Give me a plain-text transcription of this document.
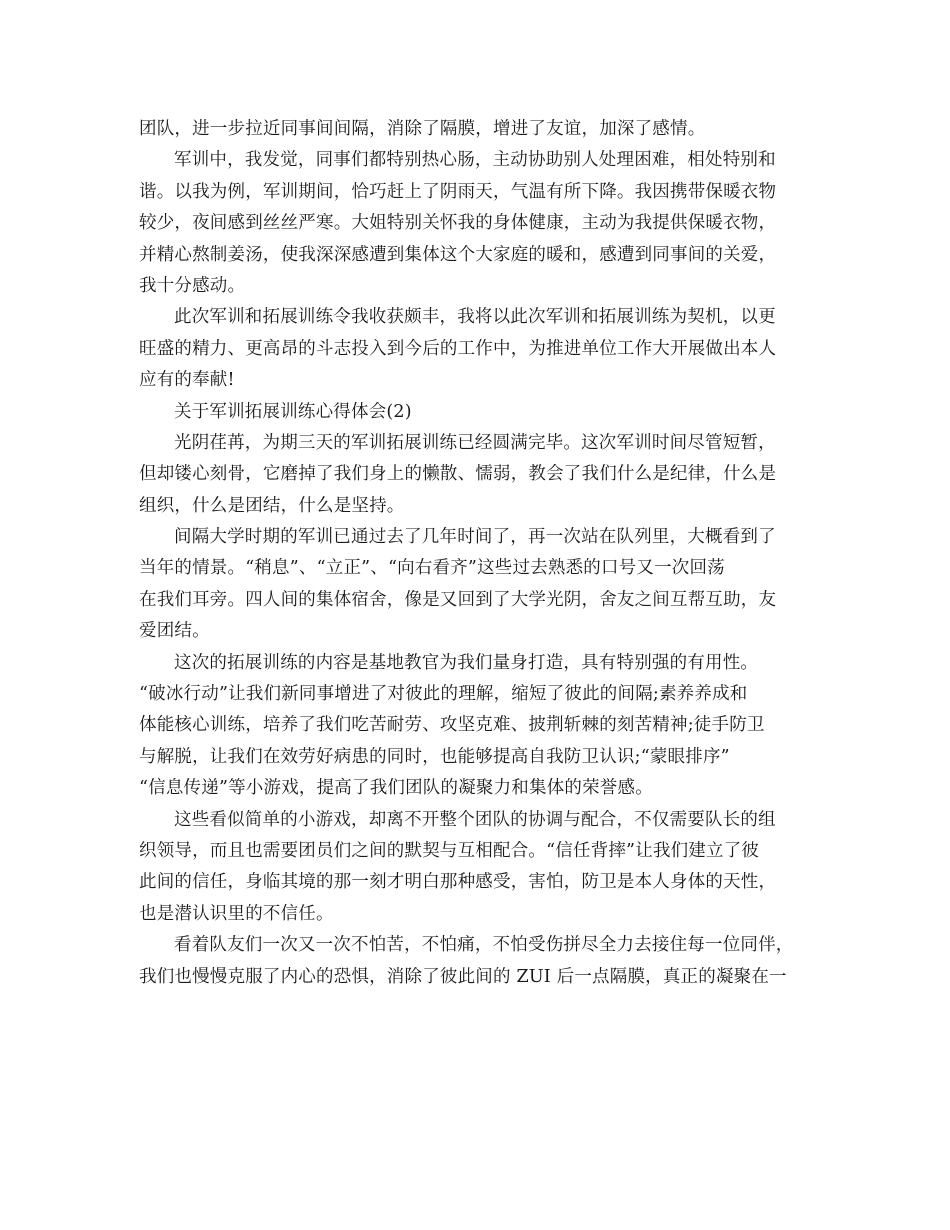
团队，进一步拉近同事间间隔，消除了隔膜，增进了友谊，加深了感情。
军训中，我发觉，同事们都特别热心肠，主动协助别人处理困难，相处特别和
谐。以我为例，军训期间，恰巧赶上了阴雨天，气温有所下降。我因携带保暖衣物
较少，夜间感到丝丝严寒。大姐特别关怀我的身体健康，主动为我提供保暖衣物，
并精心熬制姜汤，使我深深感遭到集体这个大家庭的暖和，感遭到同事间的关爱，
我十分感动。
此次军训和拓展训练令我收获颇丰，我将以此次军训和拓展训练为契机，以更
旺盛的精力、更高昂的斗志投入到今后的工作中，为推进单位工作大开展做出本人
应有的奉献!
关于军训拓展训练心得体会(2)
光阴荏苒，为期三天的军训拓展训练已经圆满完毕。这次军训时间尽管短暂，
但却镂心刻骨，它磨掉了我们身上的懒散、懦弱，教会了我们什么是纪律，什么是
组织，什么是团结，什么是坚持。
间隔大学时期的军训已通过去了几年时间了，再一次站在队列里，大概看到了
当年的情景。“稍息”、“立正”、“向右看齐”这些过去熟悉的口号又一次回荡
在我们耳旁。四人间的集体宿舍，像是又回到了大学光阴，舍友之间互帮互助，友
爱团结。
这次的拓展训练的内容是基地教官为我们量身打造，具有特别强的有用性。
“破冰行动”让我们新同事增进了对彼此的理解，缩短了彼此的间隔;素养养成和
体能核心训练，培养了我们吃苦耐劳、攻坚克难、披荆斩棘的刻苦精神;徒手防卫
与解脱，让我们在效劳好病患的同时，也能够提高自我防卫认识;“蒙眼排序”
“信息传递”等小游戏，提高了我们团队的凝聚力和集体的荣誉感。
这些看似简单的小游戏，却离不开整个团队的协调与配合，不仅需要队长的组
织领导，而且也需要团员们之间的默契与互相配合。“信任背摔”让我们建立了彼
此间的信任，身临其境的那一刻才明白那种感受，害怕，防卫是本人身体的天性，
也是潜认识里的不信任。
看着队友们一次又一次不怕苦，不怕痛，不怕受伤拼尽全力去接住每一位同伴，
我们也慢慢克服了内心的恐惧，消除了彼此间的 ZUI 后一点隔膜，真正的凝聚在一
